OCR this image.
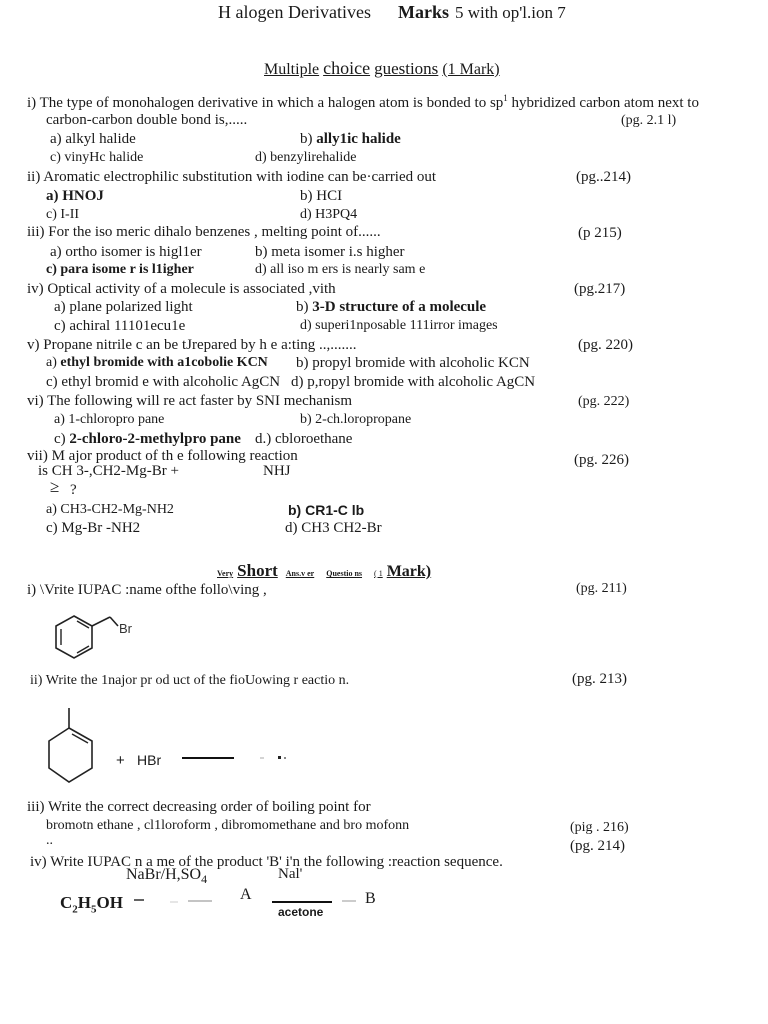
H alogen Derivatives Marks 5 with op'l.ion 7
Multiple choice guestions (1 Mark)
i) The type of monohalogen derivative in which a halogen atom is bonded to $sp^1$ hybridized carbon atom next to
carbon-carbon double bond is,.....	(pg. 2.1 l)
a) alkyl halide	b) ally1ic halide
c) vinyHc halide	d) benzylirehalide
ii) Aromatic electrophilic substitution with iodine can be·carried out	(pg..214)
a) HNOJ	b) HCI
c) I-II	d) H3PQ4
iii) For the iso meric dihalo benzenes , melting point of......	(p 215)
a) ortho isomer is higl1er	b) meta isomer i.s higher
c) para isome r is l1igher	d) all iso m ers is nearly sam e
iv) Optical activity of a molecule is associated ,vith	(pg.217)
a) plane polarized light	b) 3-D structure of a molecule
c) achiral 11101ecu1e	d) superi1nposable 111irror images
v) Propane nitrile c an be tJrepared by h e a:ting ..,.......	(pg. 220)
a) ethyl bromide with a1cobolie KCN b) propyl bromide with alcoholic KCN
c) ethyl bromid e with alcoholic AgCN d) p,ropyl bromide with alcoholic AgCN
vi) The following will re act faster by SNI mechanism	(pg. 222)
a) 1-chloropro pane	b) 2-ch.loropropane
c) 2-chloro-2-methylpro pane d.) cbloroethane
vii) M ajor product of th e following reaction	(pg. 226)
is CH 3-,CH2-Mg-Br +	NHJ
≥ ?
a) CH3-CH2-Mg-NH2	b) CR1-C lb
c) Mg-Br -NH2	d) CH3 CH2-Br
Very Short Ans.v er Questio ns ( 1 Mark)
i) \Vrite IUPAC :name ofthe follo\ving ,	(pg. 211)
Br
ii) Write the 1najor pr od uct of the fioUowing r eactio n.	(pg. 213)
+ HBr
iii) Write the correct decreasing order of boiling point for
bromotn ethane , cl1loroform , dibromomethane and bro mofonn
..
(pig . 216)
(pg. 214)
iv) Write IUPAC n a me of the product 'B' i'n the following :reaction sequence.
NaBr/$H,SO_4$	Nal'
$C_2H_5OH$	A
acetone
B
